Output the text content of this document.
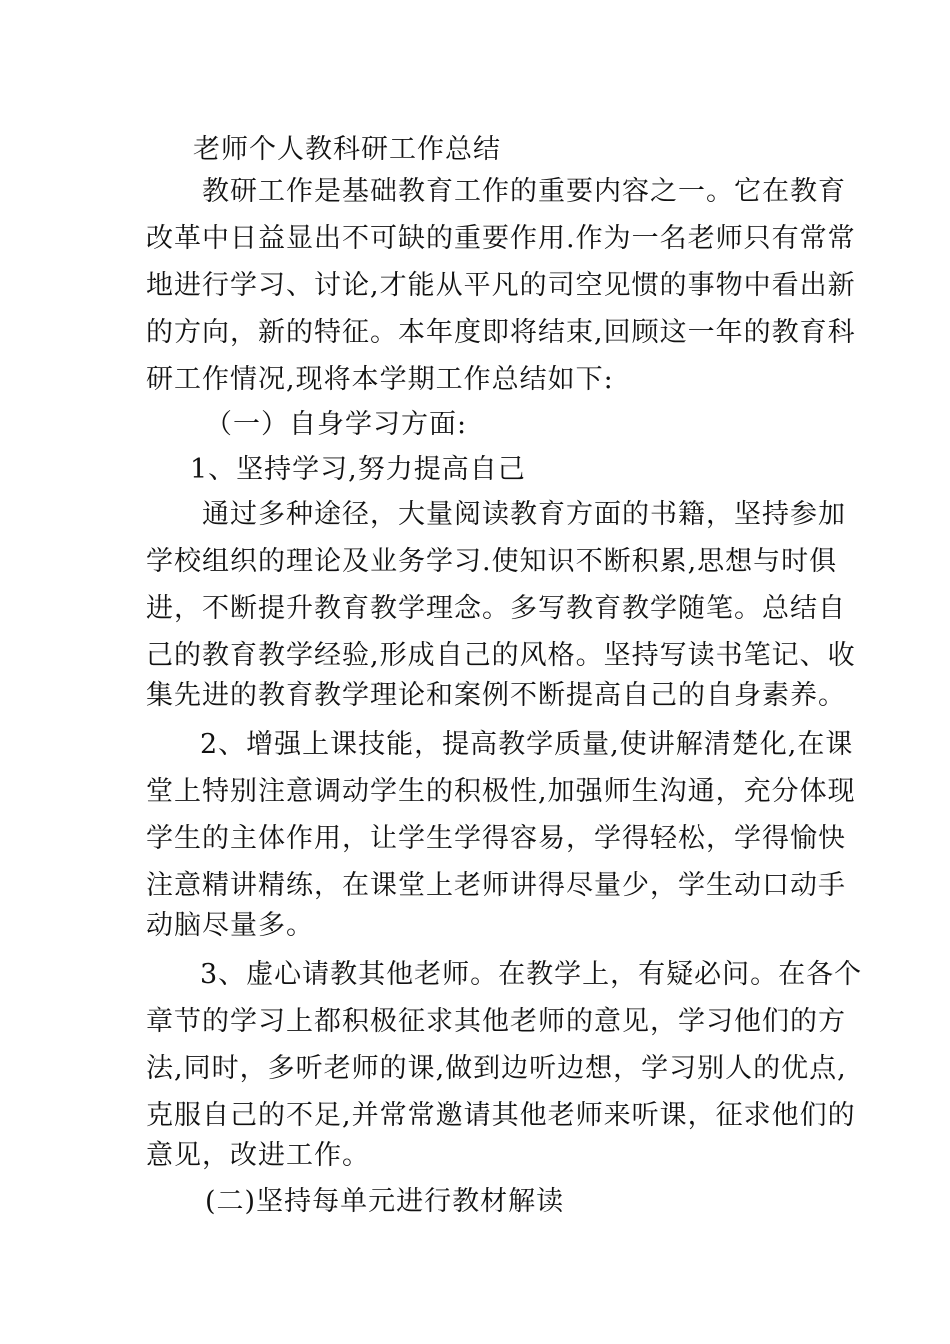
老师个人教科研工作总结
教研工作是基础教育工作的重要内容之一。它在教育
改革中日益显出不可缺的重要作用.作为一名老师只有常常
地进行学习、讨论,才能从平凡的司空见惯的事物中看出新
的方向，新的特征。本年度即将结束,回顾这一年的教育科
研工作情况,现将本学期工作总结如下:
（一）自身学习方面:
1、坚持学习,努力提高自己
通过多种途径，大量阅读教育方面的书籍，坚持参加
学校组织的理论及业务学习.使知识不断积累,思想与时俱
进，不断提升教育教学理念。多写教育教学随笔。总结自
己的教育教学经验,形成自己的风格。坚持写读书笔记、收
集先进的教育教学理论和案例不断提高自己的自身素养。
2、增强上课技能，提高教学质量,使讲解清楚化,在课
堂上特别注意调动学生的积极性,加强师生沟通，充分体现
学生的主体作用，让学生学得容易，学得轻松，学得愉快
注意精讲精练，在课堂上老师讲得尽量少，学生动口动手
动脑尽量多。
3、虚心请教其他老师。在教学上，有疑必问。在各个
章节的学习上都积极征求其他老师的意见，学习他们的方
法,同时，多听老师的课,做到边听边想，学习别人的优点,
克服自己的不足,并常常邀请其他老师来听课，征求他们的
意见，改进工作。
(二)坚持每单元进行教材解读
